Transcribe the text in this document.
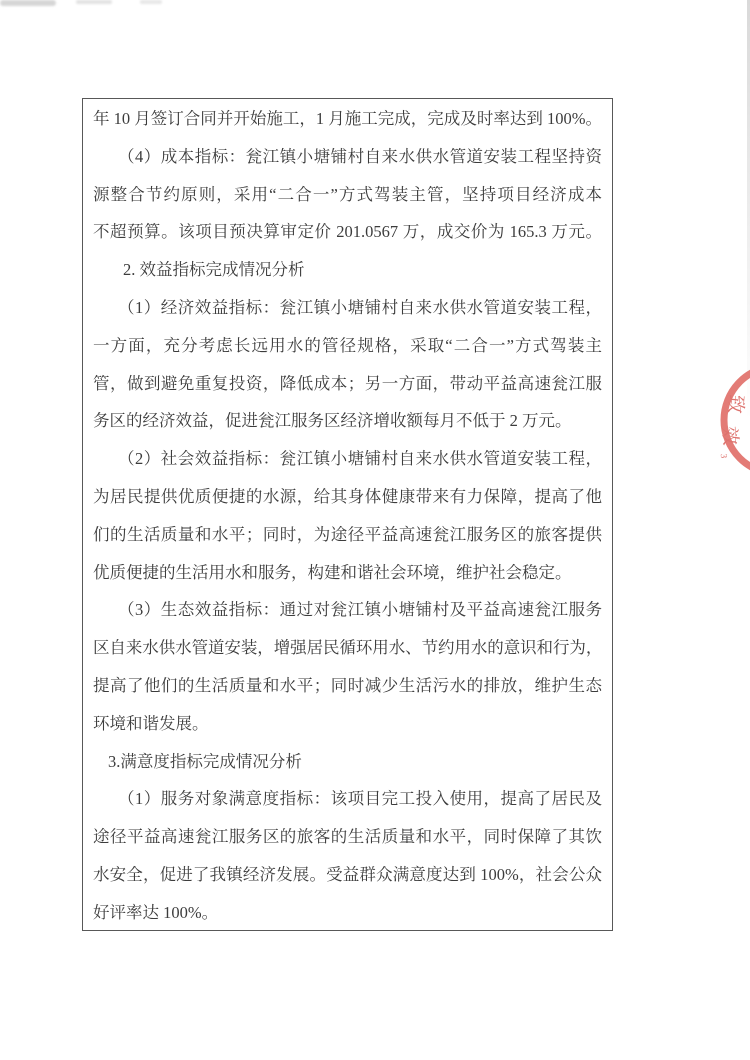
年 10 月签订合同并开始施工，1 月施工完成，完成及时率达到 100%。
（4）成本指标：瓮江镇小塘铺村自来水供水管道安装工程坚持资
源整合节约原则，采用“二合一”方式驾装主管，坚持项目经济成本
不超预算。该项目预决算审定价 201.0567 万，成交价为 165.3 万元。
2. 效益指标完成情况分析
（1）经济效益指标：瓮江镇小塘铺村自来水供水管道安装工程，
一方面，充分考虑长远用水的管径规格，采取“二合一”方式驾装主
管，做到避免重复投资，降低成本；另一方面，带动平益高速瓮江服
务区的经济效益，促进瓮江服务区经济增收额每月不低于 2 万元。
（2）社会效益指标：瓮江镇小塘铺村自来水供水管道安装工程，
为居民提供优质便捷的水源，给其身体健康带来有力保障，提高了他
们的生活质量和水平；同时，为途径平益高速瓮江服务区的旅客提供
优质便捷的生活用水和服务，构建和谐社会环境，维护社会稳定。
（3）生态效益指标：通过对瓮江镇小塘铺村及平益高速瓮江服务
区自来水供水管道安装，增强居民循环用水、节约用水的意识和行为，
提高了他们的生活质量和水平；同时减少生活污水的排放，维护生态
环境和谐发展。
3.满意度指标完成情况分析
（1）服务对象满意度指标：该项目完工投入使用，提高了居民及
途径平益高速瓮江服务区的旅客的生活质量和水平，同时保障了其饮
水安全，促进了我镇经济发展。受益群众满意度达到 100%，社会公众
好评率达 100%。
致
效
3
